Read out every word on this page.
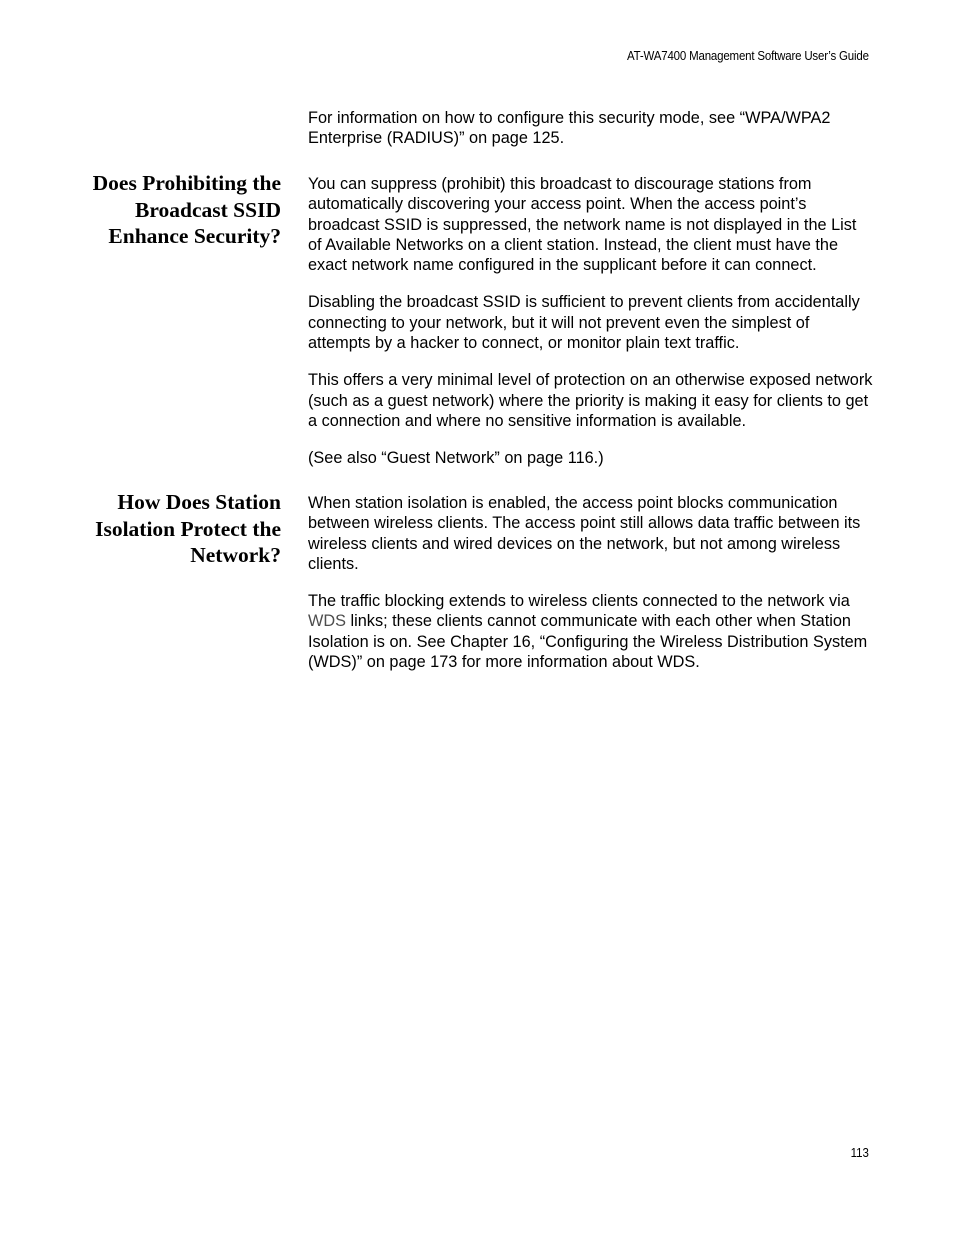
AT-WA7400 Management Software User’s Guide

For information on how to configure this security mode, see “WPA/WPA2 Enterprise (RADIUS)” on page 125.

Does Prohibiting the Broadcast SSID Enhance Security?

You can suppress (prohibit) this broadcast to discourage stations from automatically discovering your access point. When the access point’s broadcast SSID is suppressed, the network name is not displayed in the List of Available Networks on a client station. Instead, the client must have the exact network name configured in the supplicant before it can connect.

Disabling the broadcast SSID is sufficient to prevent clients from accidentally connecting to your network, but it will not prevent even the simplest of attempts by a hacker to connect, or monitor plain text traffic.

This offers a very minimal level of protection on an otherwise exposed network (such as a guest network) where the priority is making it easy for clients to get a connection and where no sensitive information is available.

(See also “Guest Network” on page 116.)

How Does Station Isolation Protect the Network?

When station isolation is enabled, the access point blocks communication between wireless clients. The access point still allows data traffic between its wireless clients and wired devices on the network, but not among wireless clients.

The traffic blocking extends to wireless clients connected to the network via WDS links; these clients cannot communicate with each other when Station Isolation is on. See Chapter 16, “Configuring the Wireless Distribution System (WDS)” on page 173 for more information about WDS.

113
